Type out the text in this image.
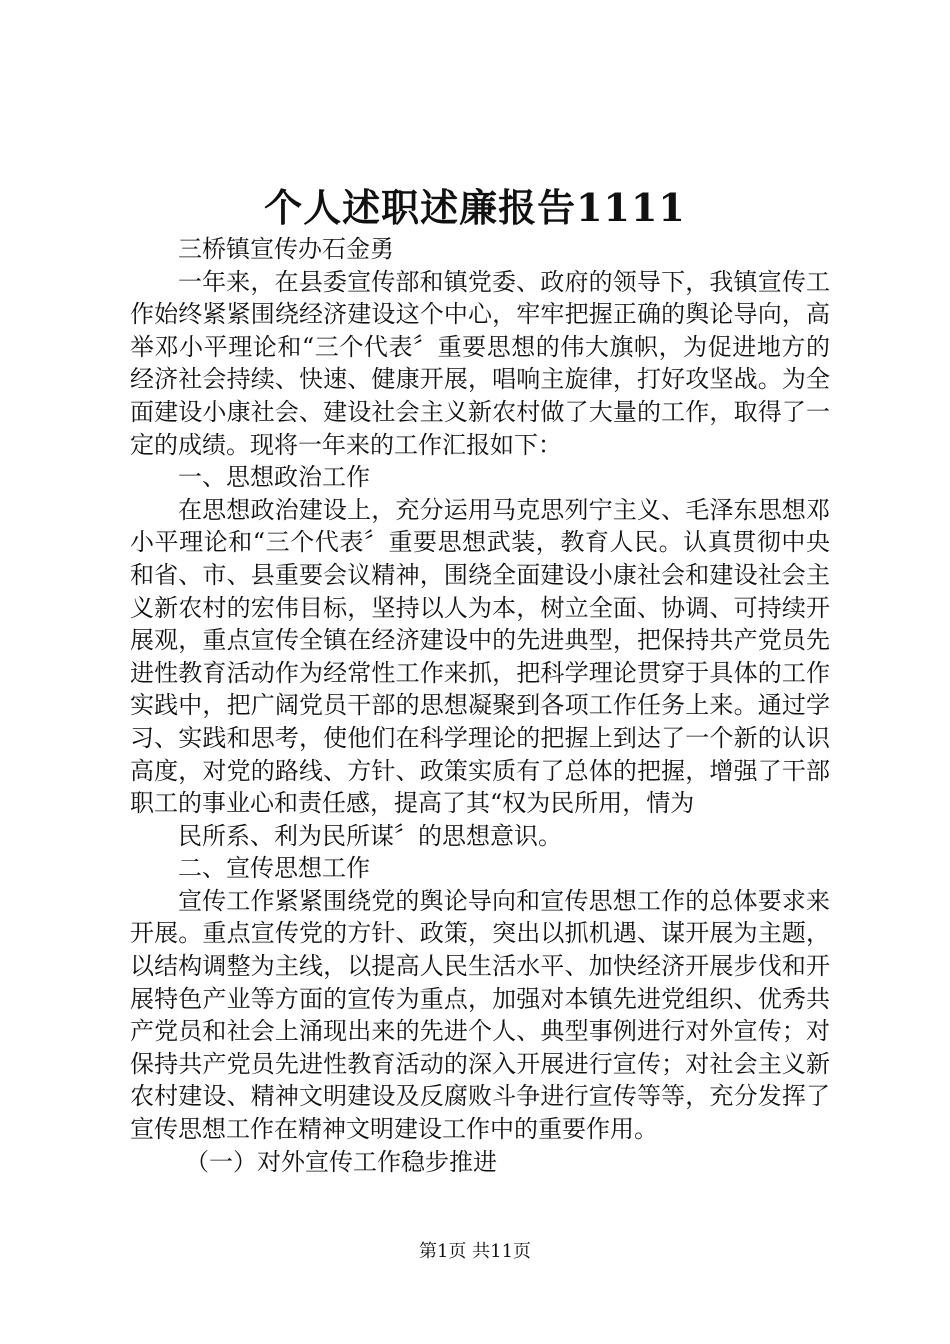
个人述职述廉报告1111

三桥镇宣传办石金勇

一年来，在县委宣传部和镇党委、政府的领导下，我镇宣传工作始终紧紧围绕经济建设这个中心，牢牢把握正确的舆论导向，高举邓小平理论和“三个代表〞重要思想的伟大旗帜，为促进地方的经济社会持续、快速、健康开展，唱响主旋律，打好攻坚战。为全面建设小康社会、建设社会主义新农村做了大量的工作，取得了一定的成绩。现将一年来的工作汇报如下：

一、思想政治工作

在思想政治建设上，充分运用马克思列宁主义、毛泽东思想邓小平理论和“三个代表〞重要思想武装，教育人民。认真贯彻中央和省、市、县重要会议精神，围绕全面建设小康社会和建设社会主义新农村的宏伟目标，坚持以人为本，树立全面、协调、可持续开展观，重点宣传全镇在经济建设中的先进典型，把保持共产党员先进性教育活动作为经常性工作来抓，把科学理论贯穿于具体的工作实践中，把广阔党员干部的思想凝聚到各项工作任务上来。通过学习、实践和思考，使他们在科学理论的把握上到达了一个新的认识高度，对党的路线、方针、政策实质有了总体的把握，增强了干部职工的事业心和责任感，提高了其“权为民所用，情为

民所系、利为民所谋〞的思想意识。

二、宣传思想工作

宣传工作紧紧围绕党的舆论导向和宣传思想工作的总体要求来开展。重点宣传党的方针、政策，突出以抓机遇、谋开展为主题，以结构调整为主线，以提高人民生活水平、加快经济开展步伐和开展特色产业等方面的宣传为重点，加强对本镇先进党组织、优秀共产党员和社会上涌现出来的先进个人、典型事例进行对外宣传；对保持共产党员先进性教育活动的深入开展进行宣传；对社会主义新农村建设、精神文明建设及反腐败斗争进行宣传等等，充分发挥了宣传思想工作在精神文明建设工作中的重要作用。

（一）对外宣传工作稳步推进

第1页 共11页
